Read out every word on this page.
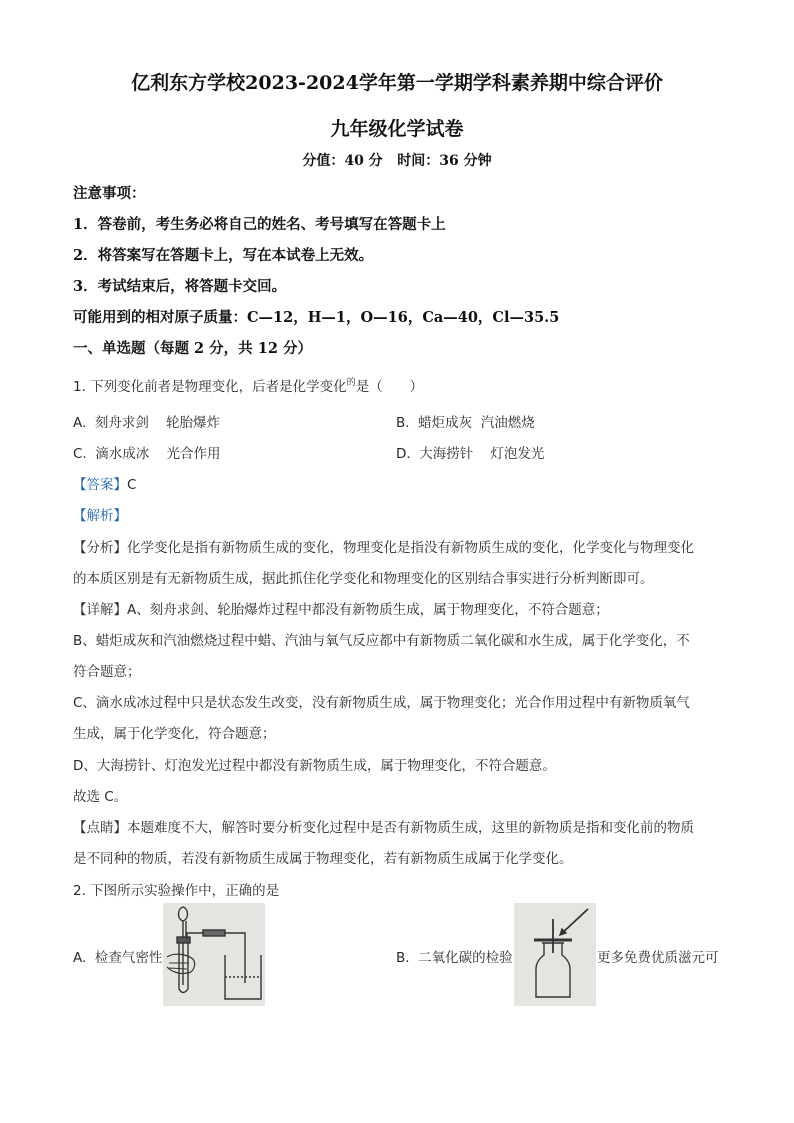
亿利东方学校2023-2024学年第一学期学科素养期中综合评价
九年级化学试卷
分值：40 分   时间：36 分钟
注意事项：
1．答卷前，考生务必将自己的姓名、考号填写在答题卡上
2．将答案写在答题卡上，写在本试卷上无效。
3．考试结束后，将答题卡交回。
可能用到的相对原子质量：C—12，H—1，O—16，Ca—40，Cl—35.5
一、单选题（每题 2 分，共 12 分）
1. 下列变化前者是物理变化，后者是化学变化$^的$是（　　）
A.  刻舟求剑    轮胎爆炸	B.  蜡炬成灰  汽油燃烧
C.  滴水成冰    光合作用	D.  大海捞针    灯泡发光
【答案】C
【解析】
【分析】化学变化是指有新物质生成的变化，物理变化是指没有新物质生成的变化，化学变化与物理变化
的本质区别是有无新物质生成，据此抓住化学变化和物理变化的区别结合事实进行分析判断即可。
【详解】A、刻舟求剑、轮胎爆炸过程中都没有新物质生成，属于物理变化，不符合题意；
B、蜡炬成灰和汽油燃烧过程中蜡、汽油与氧气反应都中有新物质二氧化碳和水生成，属于化学变化，不
符合题意；
C、滴水成冰过程中只是状态发生改变，没有新物质生成，属于物理变化；光合作用过程中有新物质氧气
生成，属于化学变化，符合题意；
D、大海捞针、灯泡发光过程中都没有新物质生成，属于物理变化，不符合题意。
故选 C。
【点睛】本题难度不大，解答时要分析变化过程中是否有新物质生成，这里的新物质是指和变化前的物质
是不同种的物质，若没有新物质生成属于物理变化，若有新物质生成属于化学变化。
2. 下图所示实验操作中，正确的是
A.  检查气密性	B.  二氧化碳的检验	更多免费优质滋元可
